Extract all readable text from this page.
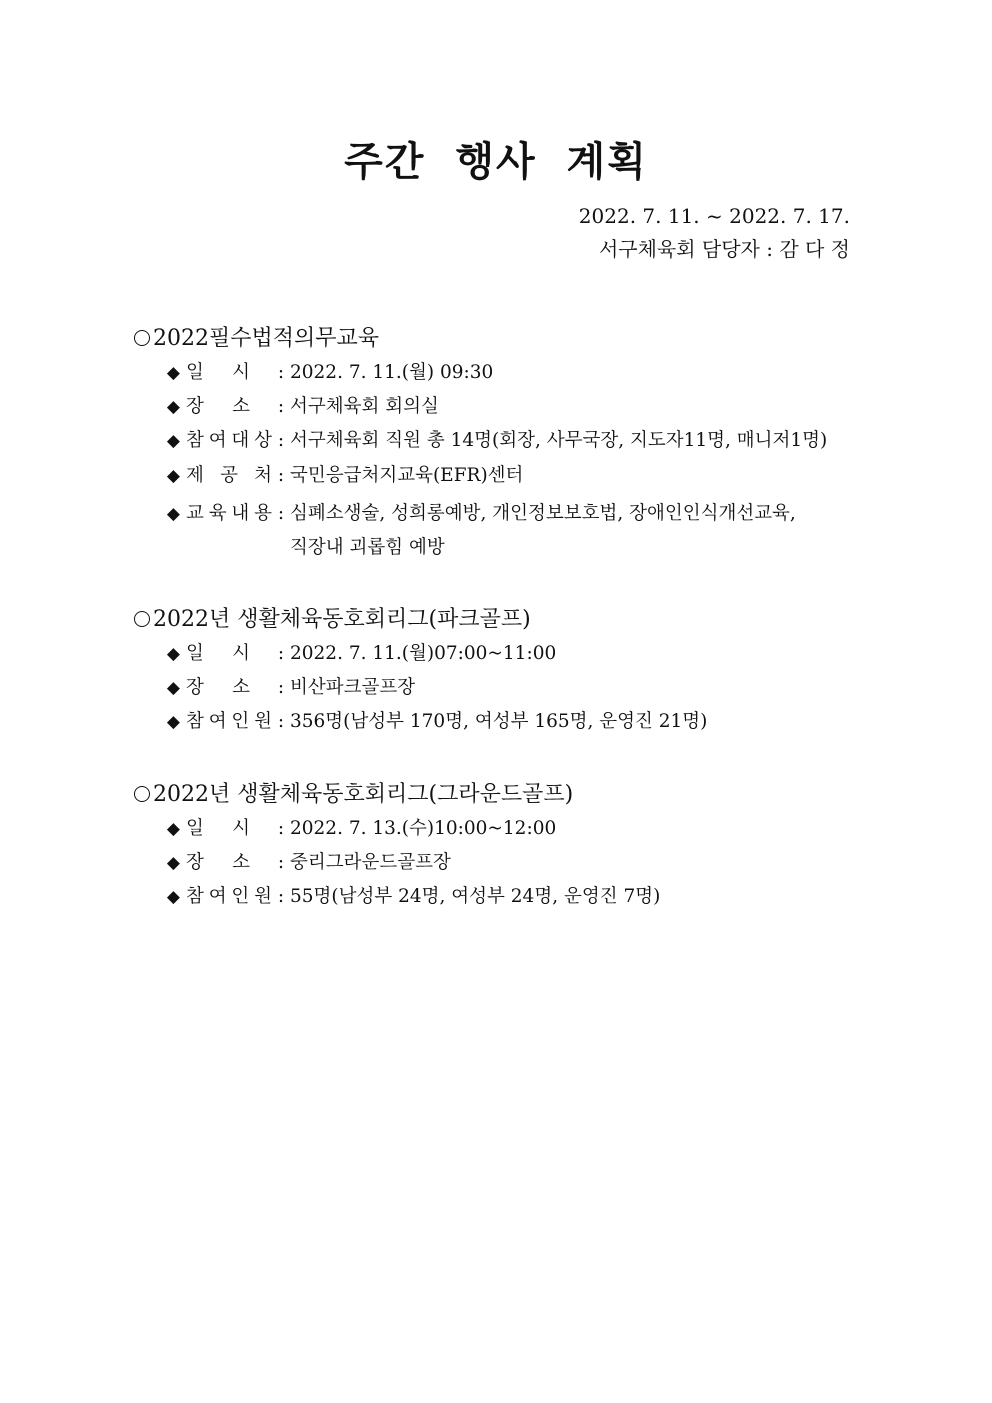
주간 행사 계획
2022. 7. 11. ~ 2022. 7. 17.
서구체육회 담당자 : 감 다 정
2022필수법적의무교육
◆ 일 시	: 2022. 7. 11.(월) 09:30
◆ 장 소	: 서구체육회 회의실
◆ 참 여 대 상 : 서구체육회 직원 총 14명(회장, 사무국장, 지도자11명, 매니저1명)
◆ 제 공 처 : 국민응급처지교육(EFR)센터
◆ 교 육 내 용 : 심폐소생술, 성희롱예방, 개인정보보호법, 장애인인식개선교육,
직장내 괴롭힘 예방
2022년 생활체육동호회리그(파크골프)
◆ 일 시	: 2022. 7. 11.(월)07:00~11:00
◆ 장 소	: 비산파크골프장
◆ 참 여 인 원 : 356명(남성부 170명, 여성부 165명, 운영진 21명)
2022년 생활체육동호회리그(그라운드골프)
◆ 일 시	: 2022. 7. 13.(수)10:00~12:00
◆ 장 소	: 중리그라운드골프장
◆ 참 여 인 원 : 55명(남성부 24명, 여성부 24명, 운영진 7명)
